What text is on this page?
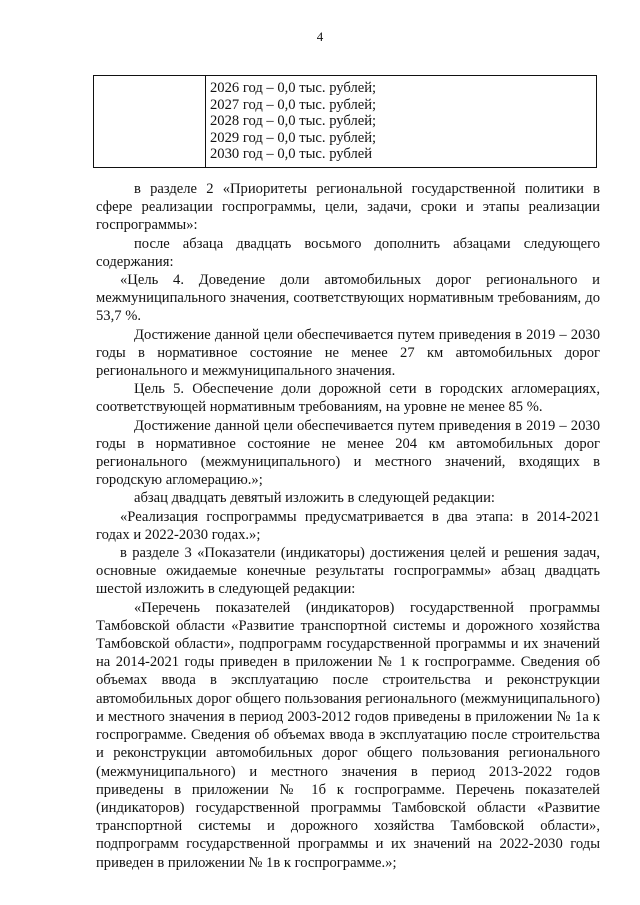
4
2026 год – 0,0 тыс. рублей;
2027 год – 0,0 тыс. рублей;
2028 год – 0,0 тыс. рублей;
2029 год – 0,0 тыс. рублей;
2030 год – 0,0 тыс. рублей

в разделе 2 «Приоритеты региональной государственной политики в сфере реализации госпрограммы, цели, задачи, сроки и этапы реализации госпрограммы»:

после абзаца двадцать восьмого дополнить абзацами следующего содержания:

«Цель 4. Доведение доли автомобильных дорог регионального и межмуниципального значения, соответствующих нормативным требованиям, до 53,7 %.

Достижение данной цели обеспечивается путем приведения в 2019 – 2030 годы в нормативное состояние не менее 27 км автомобильных дорог регионального и межмуниципального значения.

Цель 5. Обеспечение доли дорожной сети в городских агломерациях, соответствующей нормативным требованиям, на уровне не менее 85 %.

Достижение данной цели обеспечивается путем приведения в 2019 – 2030 годы в нормативное состояние не менее 204 км автомобильных дорог регионального (межмуниципального) и местного значений, входящих в городскую агломерацию.»;

абзац двадцать девятый изложить в следующей редакции:

«Реализация госпрограммы предусматривается в два этапа: в 2014-2021 годах и 2022-2030 годах.»;

в разделе 3 «Показатели (индикаторы) достижения целей и решения задач, основные ожидаемые конечные результаты госпрограммы» абзац двадцать шестой изложить в следующей редакции:

«Перечень показателей (индикаторов) государственной программы Тамбовской области «Развитие транспортной системы и дорожного хозяйства Тамбовской области», подпрограмм государственной программы и их значений на 2014-2021 годы приведен в приложении № 1 к госпрограмме. Сведения об объемах ввода в эксплуатацию после строительства и реконструкции автомобильных дорог общего пользования регионального (межмуниципального) и местного значения в период 2003-2012 годов приведены в приложении № 1а к госпрограмме. Сведения об объемах ввода в эксплуатацию после строительства и реконструкции автомобильных дорог общего пользования регионального (межмуниципального) и местного значения в период 2013-2022 годов приведены в приложении № 1б к госпрограмме. Перечень показателей (индикаторов) государственной программы Тамбовской области «Развитие транспортной системы и дорожного хозяйства Тамбовской области», подпрограмм государственной программы и их значений на 2022-2030 годы приведен в приложении № 1в к госпрограмме.»;
